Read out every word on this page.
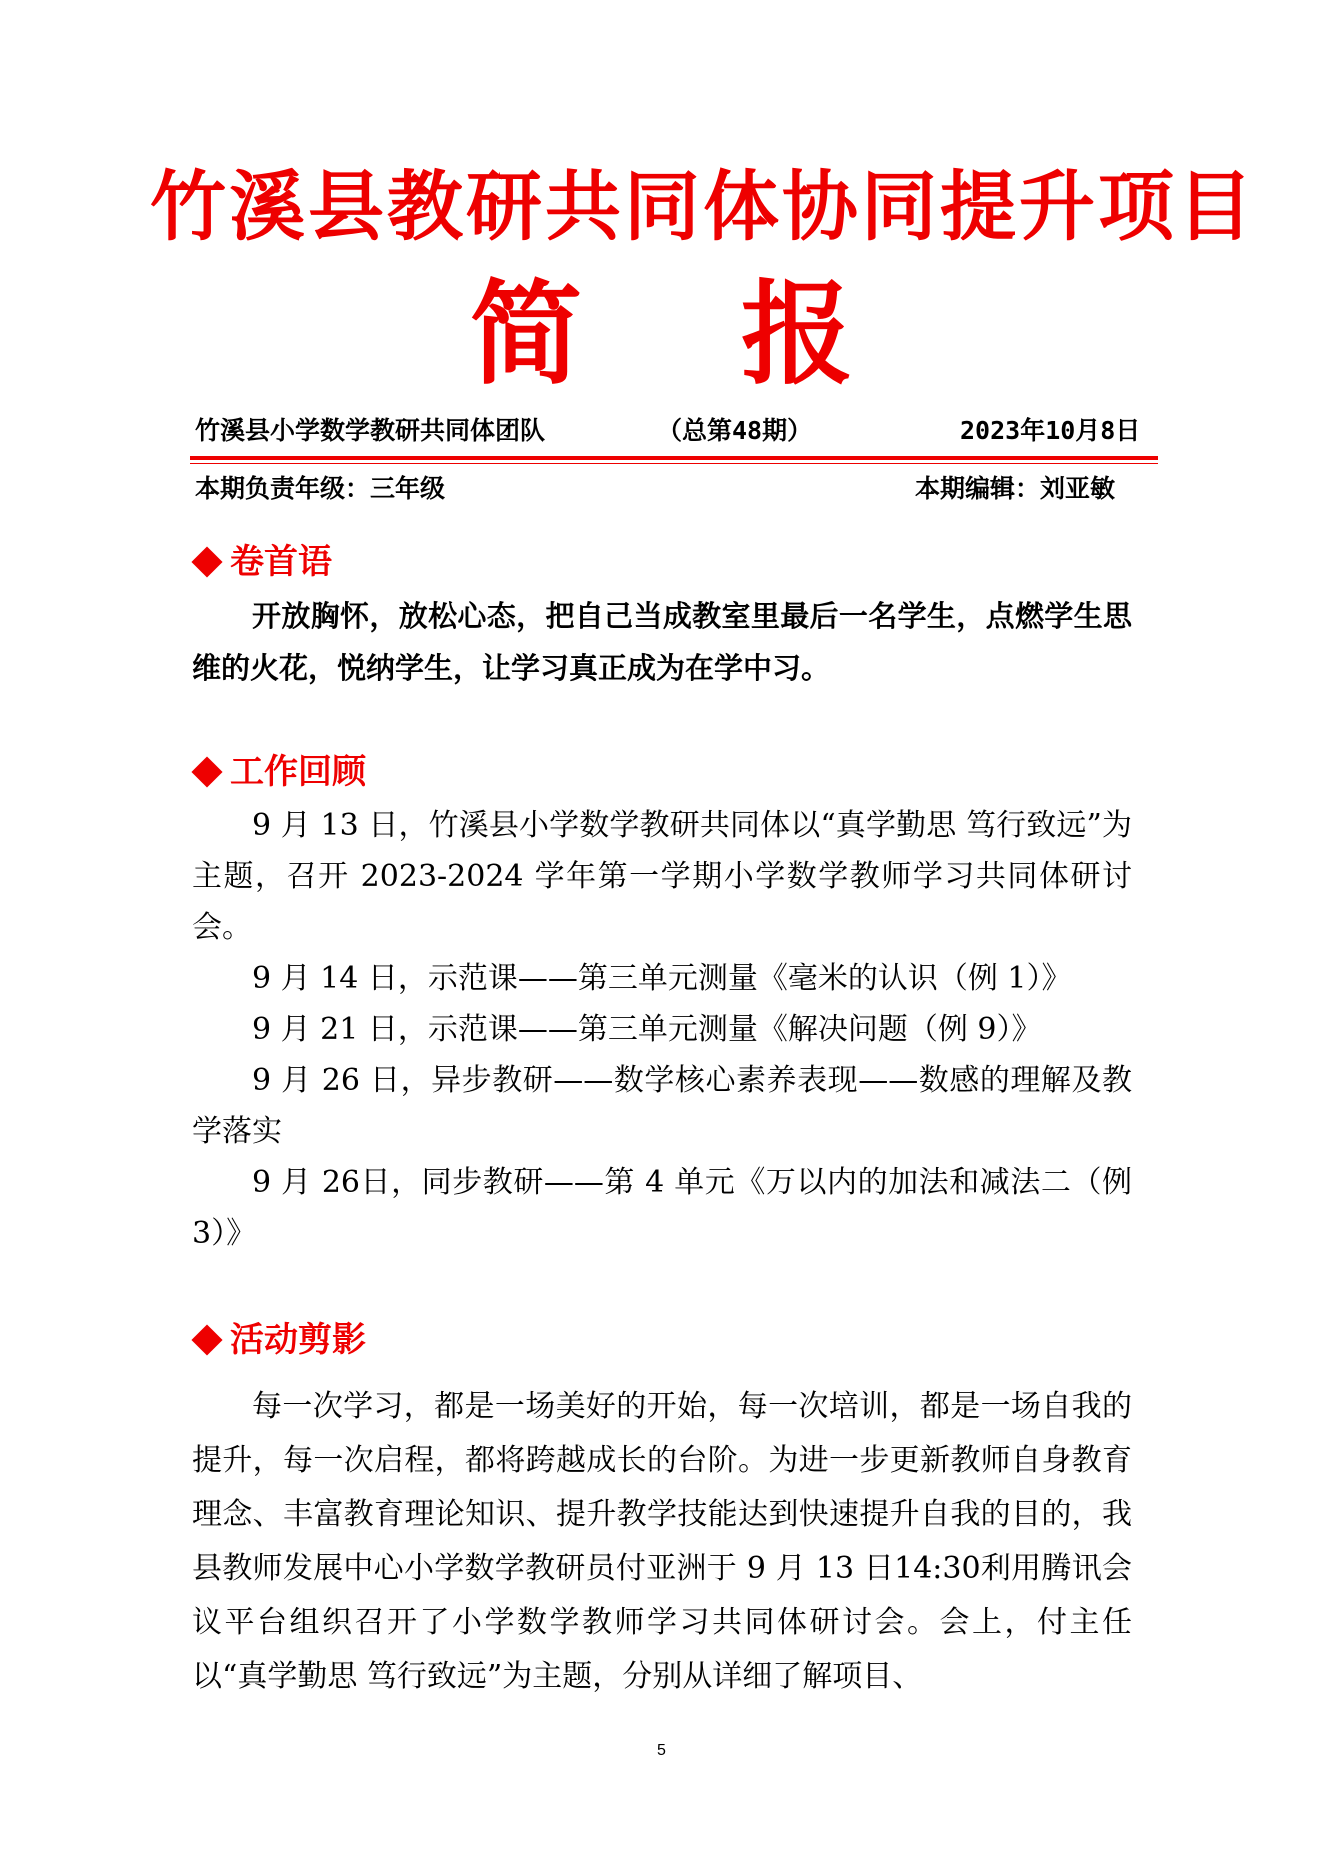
竹溪县教研共同体协同提升项目
简 报
竹溪县小学数学教研共同体团队	（总第48期）	2023年10月8日
本期负责年级：三年级	本期编辑：刘亚敏
卷首语
开放胸怀，放松心态，把自己当成教室里最后一名学生，点燃学生思维的火花，悦纳学生，让学习真正成为在学中习。
工作回顾
9 月 13 日，竹溪县小学数学教研共同体以“真学勤思 笃行致远”为主题，召开 2023-2024 学年第一学期小学数学教师学习共同体研讨会。
9 月 14 日，示范课——第三单元测量《毫米的认识（例 1）》
9 月 21 日，示范课——第三单元测量《解决问题（例 9）》
9 月 26 日，异步教研——数学核心素养表现——数感的理解及教学落实
9 月 26日，同步教研——第 4 单元《万以内的加法和减法二（例 3）》
活动剪影
每一次学习，都是一场美好的开始，每一次培训，都是一场自我的提升，每一次启程，都将跨越成长的台阶。为进一步更新教师自身教育理念、丰富教育理论知识、提升教学技能达到快速提升自我的目的，我县教师发展中心小学数学教研员付亚洲于 9 月 13 日14:30利用腾讯会议平台组织召开了小学数学教师学习共同体研讨会。会上，付主任以“真学勤思 笃行致远”为主题，分别从详细了解项目、
5
